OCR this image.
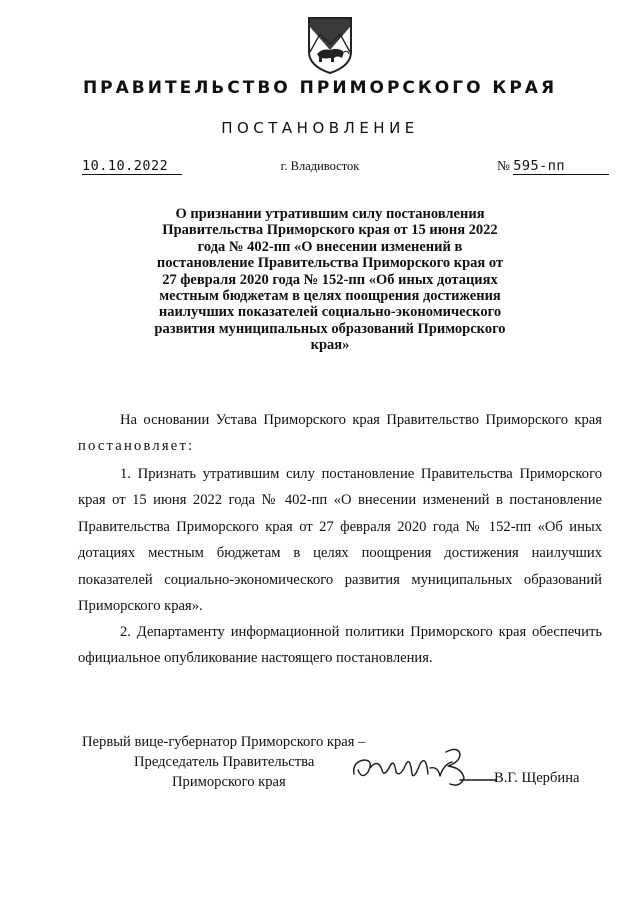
ПРАВИТЕЛЬСТВО ПРИМОРСКОГО КРАЯ
ПОСТАНОВЛЕНИЕ
10.10.2022	г. Владивосток	№ 595-пп
О признании утратившим силу постановления Правительства Приморского края от 15 июня 2022 года № 402-пп «О внесении изменений в постановление Правительства Приморского края от 27 февраля 2020 года № 152-пп «Об иных дотациях местным бюджетам в целях поощрения достижения наилучших показателей социально-экономического развития муниципальных образований Приморского края»
На основании Устава Приморского края Правительство Приморского края постановляет:
1. Признать утратившим силу постановление Правительства Приморского края от 15 июня 2022 года № 402-пп «О внесении изменений в постановление Правительства Приморского края от 27 февраля 2020 года № 152-пп «Об иных дотациях местным бюджетам в целях поощрения достижения наилучших показателей социально-экономического развития муниципальных образований Приморского края».
2. Департаменту информационной политики Приморского края обеспечить официальное опубликование настоящего постановления.
Первый вице-губернатор Приморского края –
Председатель Правительства
Приморского края	В.Г. Щербина
